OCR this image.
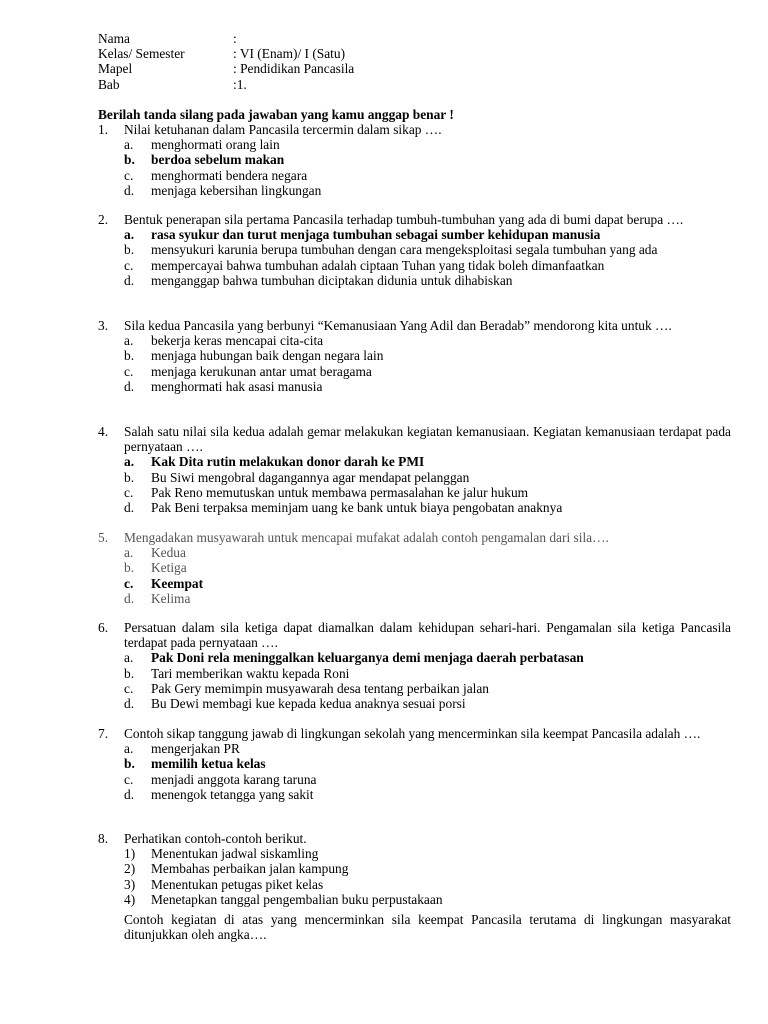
Nama	:
Kelas/ Semester	: VI (Enam)/ I (Satu)
Mapel	: Pendidikan Pancasila
Bab	:1.
Berilah tanda silang pada jawaban yang kamu anggap benar !
1. Nilai ketuhanan dalam Pancasila tercermin dalam sikap ….
a. menghormati orang lain
b. berdoa sebelum makan
c. menghormati bendera negara
d. menjaga kebersihan lingkungan
2. Bentuk penerapan sila pertama Pancasila terhadap tumbuh-tumbuhan yang ada di bumi dapat berupa ….
a. rasa syukur dan turut menjaga tumbuhan sebagai sumber kehidupan manusia
b. mensyukuri karunia berupa tumbuhan dengan cara mengeksploitasi segala tumbuhan yang ada
c. mempercayai bahwa tumbuhan adalah ciptaan Tuhan yang tidak boleh dimanfaatkan
d. menganggap bahwa tumbuhan diciptakan didunia untuk dihabiskan
3. Sila kedua Pancasila yang berbunyi “Kemanusiaan Yang Adil dan Beradab” mendorong kita untuk ….
a. bekerja keras mencapai cita-cita
b. menjaga hubungan baik dengan negara lain
c. menjaga kerukunan antar umat beragama
d. menghormati hak asasi manusia
4. Salah satu nilai sila kedua adalah gemar melakukan kegiatan kemanusiaan. Kegiatan kemanusiaan terdapat pada pernyataan ….
a. Kak Dita rutin melakukan donor darah ke PMI
b. Bu Siwi mengobral dagangannya agar mendapat pelanggan
c. Pak Reno memutuskan untuk membawa permasalahan ke jalur hukum
d. Pak Beni terpaksa meminjam uang ke bank untuk biaya pengobatan anaknya
5. Mengadakan musyawarah untuk mencapai mufakat adalah contoh pengamalan dari sila….
a. Kedua
b. Ketiga
c. Keempat
d. Kelima
6. Persatuan dalam sila ketiga dapat diamalkan dalam kehidupan sehari-hari. Pengamalan sila ketiga Pancasila terdapat pada pernyataan ….
a. Pak Doni rela meninggalkan keluarganya demi menjaga daerah perbatasan
b. Tari memberikan waktu kepada Roni
c. Pak Gery memimpin musyawarah desa tentang perbaikan jalan
d. Bu Dewi membagi kue kepada kedua anaknya sesuai porsi
7. Contoh sikap tanggung jawab di lingkungan sekolah yang mencerminkan sila keempat Pancasila adalah ….
a. mengerjakan PR
b. memilih ketua kelas
c. menjadi anggota karang taruna
d. menengok tetangga yang sakit
8. Perhatikan contoh-contoh berikut.
1) Menentukan jadwal siskamling
2) Membahas perbaikan jalan kampung
3) Menentukan petugas piket kelas
4) Menetapkan tanggal pengembalian buku perpustakaan
Contoh kegiatan di atas yang mencerminkan sila keempat Pancasila terutama di lingkungan masyarakat ditunjukkan oleh angka….
